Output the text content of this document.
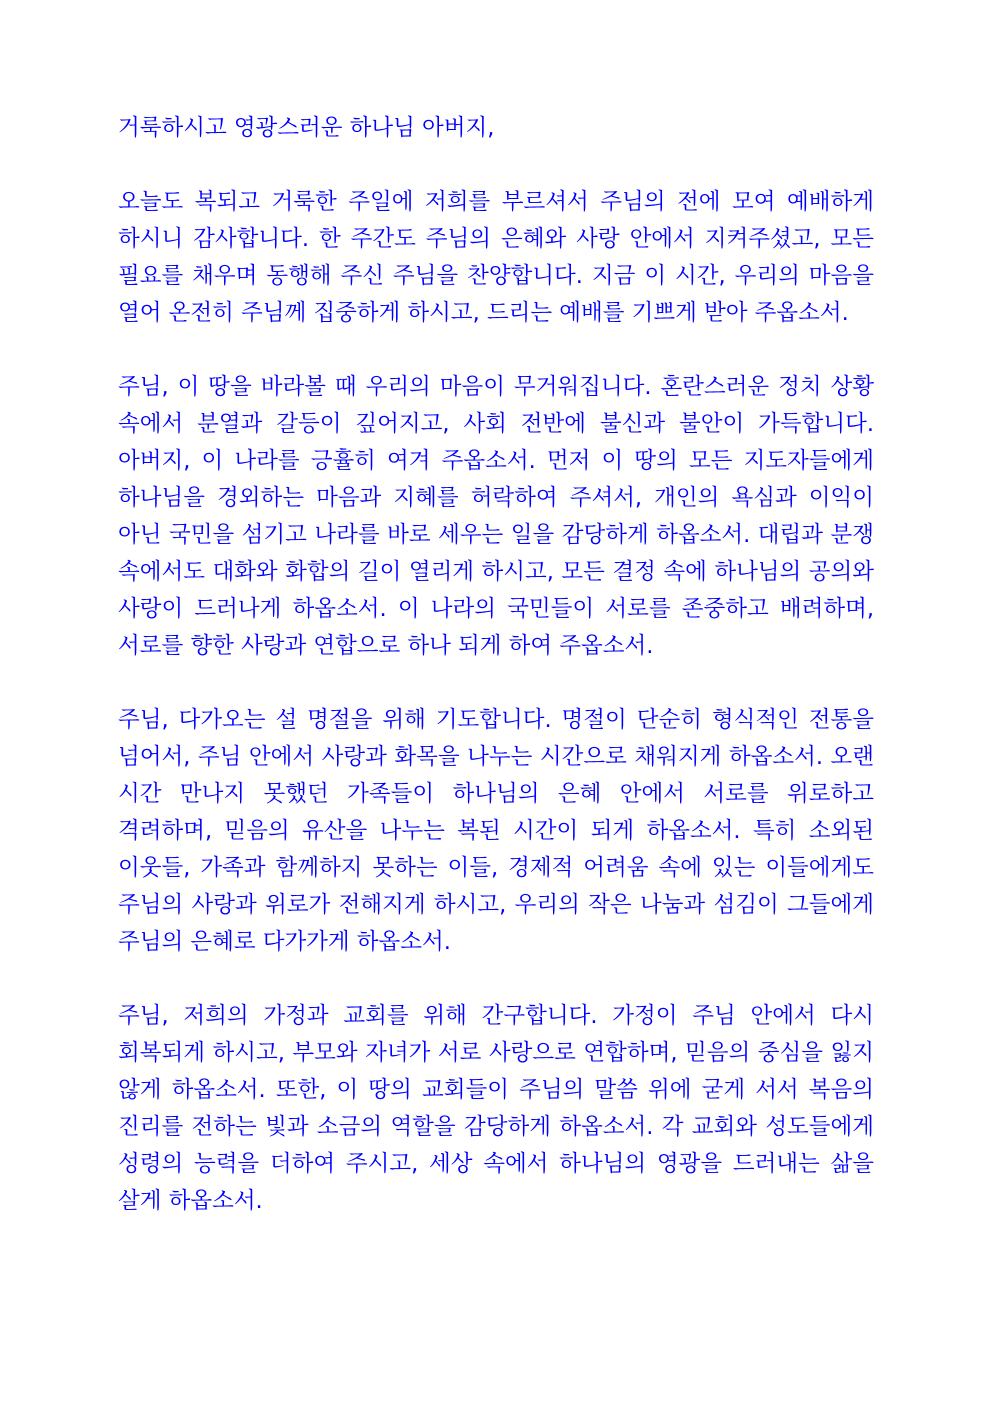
거룩하시고 영광스러운 하나님 아버지,

오늘도 복되고 거룩한 주일에 저희를 부르셔서 주님의 전에 모여 예배하게 하시니 감사합니다. 한 주간도 주님의 은혜와 사랑 안에서 지켜주셨고, 모든 필요를 채우며 동행해 주신 주님을 찬양합니다. 지금 이 시간, 우리의 마음을 열어 온전히 주님께 집중하게 하시고, 드리는 예배를 기쁘게 받아 주옵소서.

주님, 이 땅을 바라볼 때 우리의 마음이 무거워집니다. 혼란스러운 정치 상황 속에서 분열과 갈등이 깊어지고, 사회 전반에 불신과 불안이 가득합니다. 아버지, 이 나라를 긍휼히 여겨 주옵소서. 먼저 이 땅의 모든 지도자들에게 하나님을 경외하는 마음과 지혜를 허락하여 주셔서, 개인의 욕심과 이익이 아닌 국민을 섬기고 나라를 바로 세우는 일을 감당하게 하옵소서. 대립과 분쟁 속에서도 대화와 화합의 길이 열리게 하시고, 모든 결정 속에 하나님의 공의와 사랑이 드러나게 하옵소서. 이 나라의 국민들이 서로를 존중하고 배려하며, 서로를 향한 사랑과 연합으로 하나 되게 하여 주옵소서.

주님, 다가오는 설 명절을 위해 기도합니다. 명절이 단순히 형식적인 전통을 넘어서, 주님 안에서 사랑과 화목을 나누는 시간으로 채워지게 하옵소서. 오랜 시간 만나지 못했던 가족들이 하나님의 은혜 안에서 서로를 위로하고 격려하며, 믿음의 유산을 나누는 복된 시간이 되게 하옵소서. 특히 소외된 이웃들, 가족과 함께하지 못하는 이들, 경제적 어려움 속에 있는 이들에게도 주님의 사랑과 위로가 전해지게 하시고, 우리의 작은 나눔과 섬김이 그들에게 주님의 은혜로 다가가게 하옵소서.

주님, 저희의 가정과 교회를 위해 간구합니다. 가정이 주님 안에서 다시 회복되게 하시고, 부모와 자녀가 서로 사랑으로 연합하며, 믿음의 중심을 잃지 않게 하옵소서. 또한, 이 땅의 교회들이 주님의 말씀 위에 굳게 서서 복음의 진리를 전하는 빛과 소금의 역할을 감당하게 하옵소서. 각 교회와 성도들에게 성령의 능력을 더하여 주시고, 세상 속에서 하나님의 영광을 드러내는 삶을 살게 하옵소서.
